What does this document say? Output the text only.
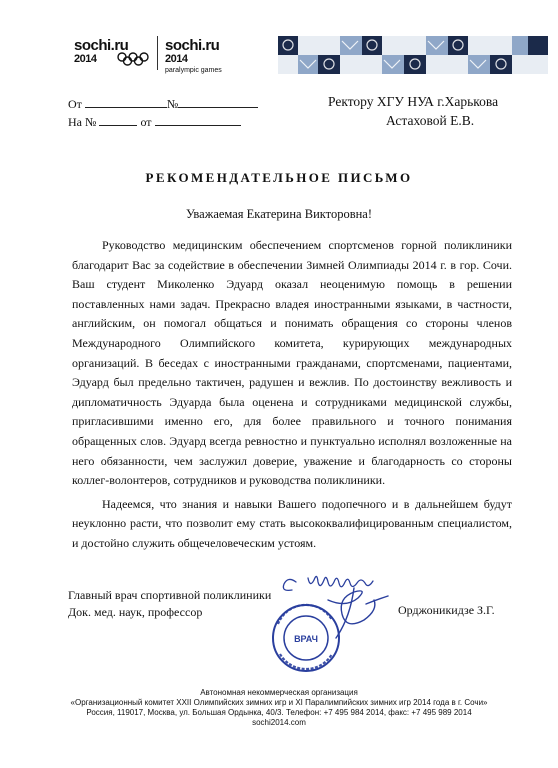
sochi.ru
2014
sochi.ru
2014
paralympic games
От	№
На №	от
Ректору ХГУ НУА г.Харькова
Астаховой Е.В.
РЕКОМЕНДАТЕЛЬНОЕ ПИСЬМО
Уважаемая Екатерина Викторовна!

Руководство медицинским обеспечением спортсменов горной поликлиники благодарит Вас за содействие в обеспечении Зимней Олимпиады 2014 г. в гор. Сочи. Ваш студент Миколенко Эдуард оказал неоценимую помощь в решении поставленных нами задач. Прекрасно владея иностранными языками, в частности, английским, он помогал общаться и понимать обращения со стороны членов Международного Олимпийского комитета, курирующих международных организаций. В беседах с иностранными гражданами, спортсменами, пациентами, Эдуард был предельно тактичен, радушен и вежлив. По достоинству вежливость и дипломатичность Эдуарда была оценена и сотрудниками медицинской службы, пригласившими именно его, для более правильного и точного понимания обращенных слов. Эдуард всегда ревностно и пунктуально исполнял возложенные на него обязанности, чем заслужил доверие, уважение и благодарность со стороны коллег-волонтеров, сотрудников и руководства поликлиники.

Надеемся, что знания и навыки Вашего подопечного и в дальнейшем будут неуклонно расти, что позволит ему стать высококвалифицированным специалистом, и достойно служить общечеловеческим устоям.

Главный врач спортивной поликлиники
Док. мед. наук, профессор	Орджоникидзе З.Г.
ВРАЧ
Автономная некоммерческая организация
«Организационный комитет XXII Олимпийских зимних игр и XI Паралимпийских зимних игр 2014 года в г. Сочи»
Россия, 119017, Москва, ул. Большая Ордынка, 40/3. Телефон: +7 495 984 2014, факс: +7 495 989 2014
sochi2014.com
